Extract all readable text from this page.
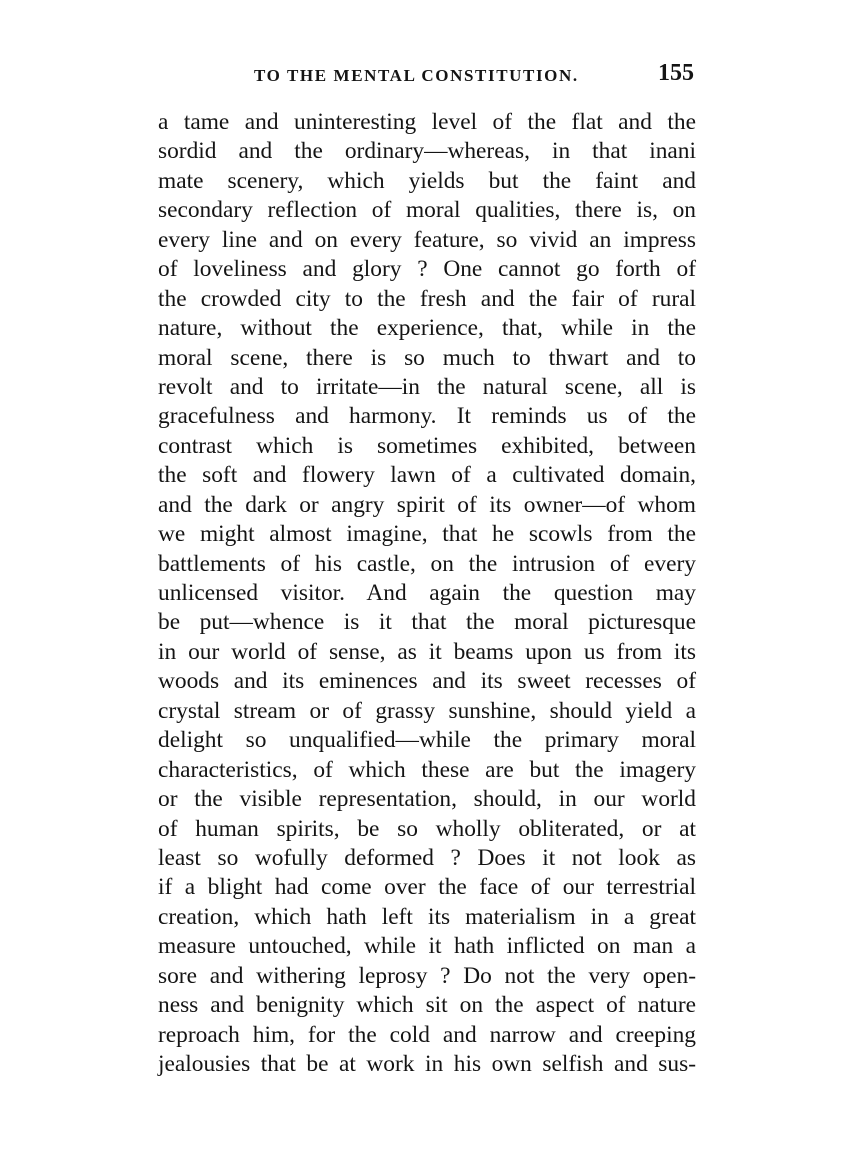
TO THE MENTAL CONSTITUTION.	155
a tame and uninteresting level of the flat and the
sordid and the ordinary—whereas, in that inani
mate scenery, which yields but the faint and
secondary reflection of moral qualities, there is, on
every line and on every feature, so vivid an impress
of loveliness and glory ? One cannot go forth of
the crowded city to the fresh and the fair of rural
nature, without the experience, that, while in the
moral scene, there is so much to thwart and to
revolt and to irritate—in the natural scene, all is
gracefulness and harmony. It reminds us of the
contrast which is sometimes exhibited, between
the soft and flowery lawn of a cultivated domain,
and the dark or angry spirit of its owner—of whom
we might almost imagine, that he scowls from the
battlements of his castle, on the intrusion of every
unlicensed visitor. And again the question may
be put—whence is it that the moral picturesque
in our world of sense, as it beams upon us from its
woods and its eminences and its sweet recesses of
crystal stream or of grassy sunshine, should yield a
delight so unqualified—while the primary moral
characteristics, of which these are but the imagery
or the visible representation, should, in our world
of human spirits, be so wholly obliterated, or at
least so wofully deformed ? Does it not look as
if a blight had come over the face of our terrestrial
creation, which hath left its materialism in a great
measure untouched, while it hath inflicted on man a
sore and withering leprosy ? Do not the very open-
ness and benignity which sit on the aspect of nature
reproach him, for the cold and narrow and creeping
jealousies that be at work in his own selfish and sus-
